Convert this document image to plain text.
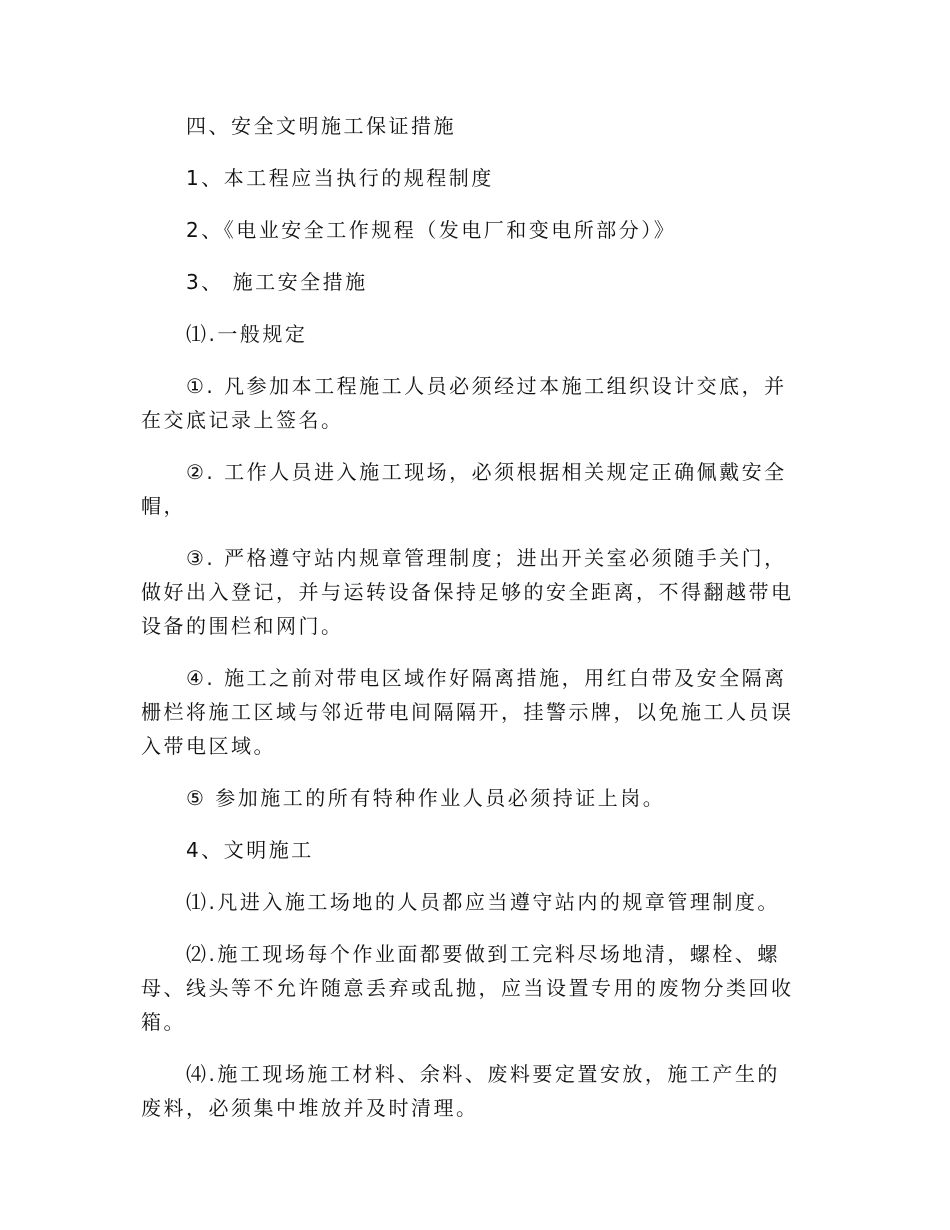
四、安全文明施工保证措施

1、本工程应当执行的规程制度

2、《电业安全工作规程（发电厂和变电所部分）》

3、 施工安全措施

⑴.一般规定

①. 凡参加本工程施工人员必须经过本施工组织设计交底，并在交底记录上签名。

②. 工作人员进入施工现场，必须根据相关规定正确佩戴安全帽，

③. 严格遵守站内规章管理制度；进出开关室必须随手关门，做好出入登记，并与运转设备保持足够的安全距离，不得翻越带电设备的围栏和网门。

④. 施工之前对带电区域作好隔离措施，用红白带及安全隔离栅栏将施工区域与邻近带电间隔隔开，挂警示牌，以免施工人员误入带电区域。

⑤ 参加施工的所有特种作业人员必须持证上岗。

4、文明施工

⑴.凡进入施工场地的人员都应当遵守站内的规章管理制度。

⑵.施工现场每个作业面都要做到工完料尽场地清，螺栓、螺母、线头等不允许随意丢弃或乱抛，应当设置专用的废物分类回收箱。

⑷.施工现场施工材料、余料、废料要定置安放，施工产生的废料，必须集中堆放并及时清理。
